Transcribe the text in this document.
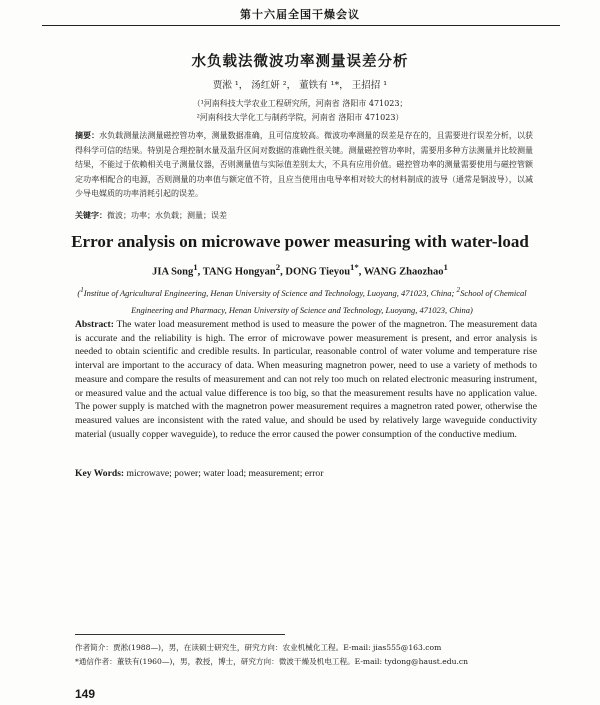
第十六届全国干燥会议
水负载法微波功率测量误差分析
贾淞 ¹， 汤红妍 ²， 董铁有 ¹*， 王招招 ¹
（¹河南科技大学农业工程研究所，河南省 洛阳市 471023；
²河南科技大学化工与制药学院，河南省 洛阳市 471023）
摘要：水负载测量法测量磁控管功率，测量数据准确，且可信度较高。微波功率测量的误差是存在的，且需要进行误差分析，以获得科学可信的结果。特别是合理控制水量及温升区间对数据的准确性很关键。测量磁控管功率时，需要用多种方法测量并比较测量结果，不能过于依赖相关电子测量仪器，否则测量值与实际值差别太大，不具有应用价值。磁控管功率的测量需要使用与磁控管额定功率相配合的电源，否则测量的功率值与额定值不符，且应当使用由电导率相对较大的材料制成的波导（通常是铜波导），以减少导电媒质的功率消耗引起的误差。
关键字：微波；功率；水负载；测量；误差
Error analysis on microwave power measuring with water-load
JIA Song$^1$, TANG Hongyan$^2$, DONG Tieyou$^{1*}$, WANG Zhaozhao$^1$
($^1$Institue of Agricultural Engineering, Henan University of Science and Technology, Luoyang, 471023, China; $^2$School of Chemical Engineering and Pharmacy, Henan University of Science and Technology, Luoyang, 471023, China)
Abstract: The water load measurement method is used to measure the power of the magnetron. The measurement data is accurate and the reliability is high. The error of microwave power measurement is present, and error analysis is needed to obtain scientific and credible results. In particular, reasonable control of water volume and temperature rise interval are important to the accuracy of data. When measuring magnetron power, need to use a variety of methods to measure and compare the results of measurement and can not rely too much on related electronic measuring instrument, or measured value and the actual value difference is too big, so that the measurement results have no application value. The power supply is matched with the magnetron power measurement requires a magnetron rated power, otherwise the measured values are inconsistent with the rated value, and should be used by relatively large waveguide conductivity material (usually copper waveguide), to reduce the error caused the power consumption of the conductive medium.
Key Words: microwave; power; water load; measurement; error
作者简介：贾淞(1988—)，男，在读硕士研究生，研究方向：农业机械化工程。E-mail: jias555@163.com
*通信作者：董铁有(1960—)，男，教授，博士，研究方向：微波干燥及机电工程。E-mail: tydong@haust.edu.cn
149
